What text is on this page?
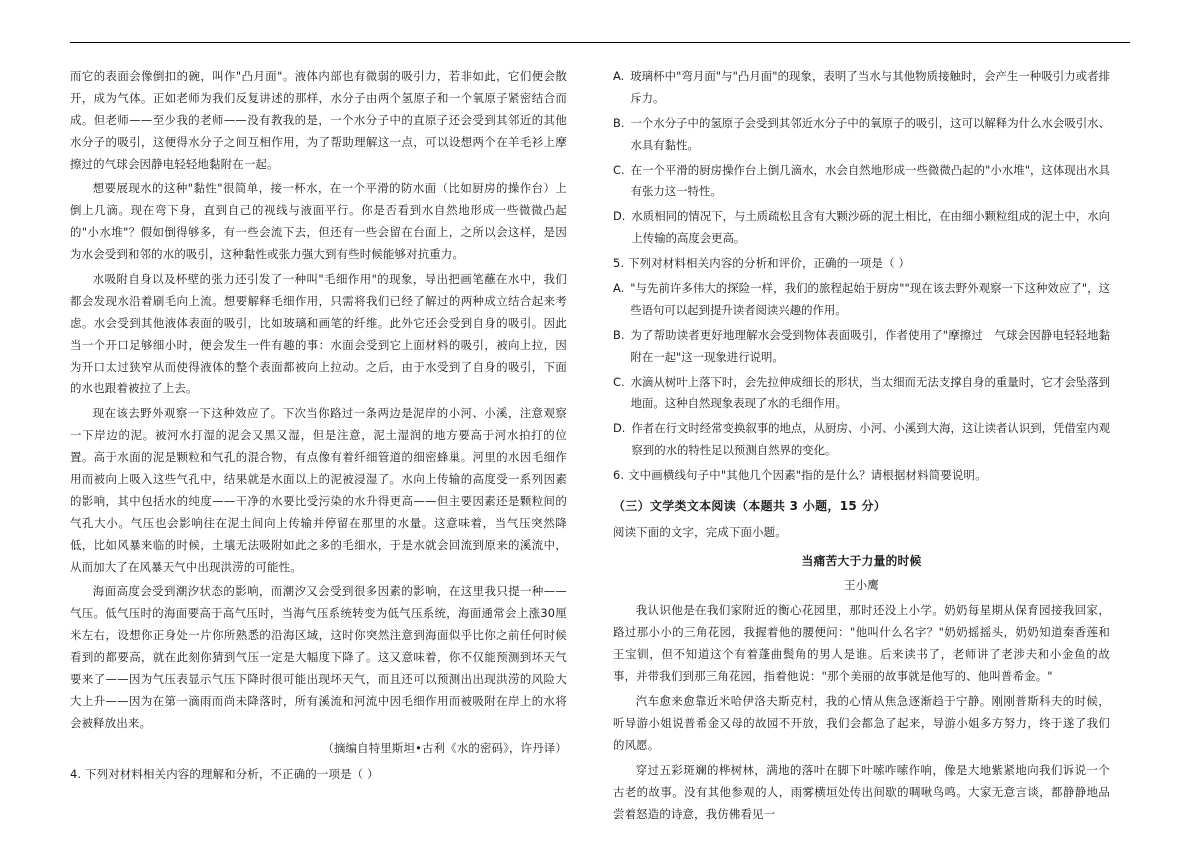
而它的表面会像倒扣的碗，叫作"凸月面"。液体内部也有微弱的吸引力，若非如此，它们便会散开，成为气体。正如老师为我们反复讲述的那样，水分子由两个氢原子和一个氧原子紧密结合而成。但老师——至少我的老师——没有教我的是，一个水分子中的直原子还会受到其邻近的其他水分子的吸引，这便得水分子之间互相作用，为了帮助理解这一点，可以设想两个在羊毛衫上摩擦过的气球会因静电轻轻地黏附在一起。

想要展现水的这种"黏性"很简单，接一杯水，在一个平滑的防水面（比如厨房的操作台）上倒上几滴。现在弯下身，直到自己的视线与液面平行。你是否看到水自然地形成一些微微凸起的"小水堆"？假如倒得够多，有一些会流下去，但还有一些会留在台面上，之所以会这样，是因为水会受到和邻的水的吸引，这种黏性或张力强大到有些时候能够对抗重力。

水吸附自身以及杯壁的张力还引发了一种叫"毛细作用"的现象，导出把画笔蘸在水中，我们都会发现水沿着刷毛向上流。想要解释毛细作用，只需将我们已经了解过的两种成立结合起来考虑。水会受到其他液体表面的吸引，比如玻璃和画笔的纤维。此外它还会受到自身的吸引。因此当一个开口足够细小时，便会发生一件有趣的事：水面会受到它上面材料的吸引，被向上拉，因为开口太过狭窄从而使得液体的整个表面都被向上拉动。之后，由于水受到了自身的吸引，下面的水也跟着被拉了上去。

现在该去野外观察一下这种效应了。下次当你路过一条两边是泥岸的小河、小溪，注意观察一下岸边的泥。被河水打湿的泥会又黑又湿，但是注意，泥土湿润的地方要高于河水拍打的位置。高于水面的泥是颗粒和气孔的混合物，有点像有着纤细管道的细密蜂巢。河里的水因毛细作用而被向上吸入这些气孔中，结果就是水面以上的泥被浸湿了。水向上传输的高度受一系列因素的影响，其中包括水的纯度——干净的水要比受污染的水升得更高——但主要因素还是颗粒间的气孔大小。气压也会影响往在泥土间向上传输并停留在那里的水量。这意味着，当气压突然降低，比如风暴来临的时候，土壤无法吸附如此之多的毛细水，于是水就会回流到原来的溪流中，从而加大了在风暴天气中出现洪涝的可能性。

海面高度会受到潮汐状态的影响，而潮汐又会受到很多因素的影响，在这里我只提一种——气压。低气压时的海面要高于高气压时，当海气压系统转变为低气压系统，海面通常会上涨30厘米左右，设想你正身处一片你所熟悉的沿海区域，这时你突然注意到海面似乎比你之前任何时候看到的都要高，就在此刻你猜到气压一定是大幅度下降了。这又意味着，你不仅能预测到坏天气要来了——因为气压表显示气压下降时很可能出现坏天气，而且还可以预测出出现洪涝的风险大大上升——因为在第一滴雨而尚未降落时，所有溪流和河流中因毛细作用而被吸附在岸上的水将会被释放出来。

（摘编自特里斯坦•古利《水的密码》，许丹译）

4. 下列对材料相关内容的理解和分析，不正确的一项是（ ）

A. 玻璃杯中"弯月面"与"凸月面"的现象，表明了当水与其他物质接触时，会产生一种吸引力或者排斥力。
B. 一个水分子中的氢原子会受到其邻近水分子中的氧原子的吸引，这可以解释为什么水会吸引水、水具有黏性。
C. 在一个平滑的厨房操作台上倒几滴水，水会自然地形成一些微微凸起的"小水堆"，这体现出水具有张力这一特性。
D. 水质相同的情况下，与土质疏松且含有大颗沙砾的泥土相比，在由细小颗粒组成的泥土中，水向上传输的高度会更高。

5. 下列对材料相关内容的分析和评价，正确的一项是（ ）

A. "与先前许多伟大的探险一样，我们的旅程起始于厨房""现在该去野外观察一下这种效应了"，这些语句可以起到提升读者阅读兴趣的作用。
B. 为了帮助读者更好地理解水会受到物体表面吸引，作者使用了"摩擦过　气球会因静电轻轻地黏附在一起"这一现象进行说明。
C. 水滴从树叶上落下时，会先拉伸成细长的形状，当太细而无法支撑自身的重量时，它才会坠落到地面。这种自然现象表现了水的毛细作用。
D. 作者在行文时经常变换叙事的地点，从厨房、小河、小溪到大海，这让读者认识到，凭借室内观察到的水的特性足以预测自然界的变化。

6. 文中画横线句子中"其他几个因素"指的是什么？请根据材料简要说明。

（三）文学类文本阅读（本题共 3 小题，15 分）

阅读下面的文字，完成下面小题。

当痛苦大于力量的时候

王小鹰

我认识他是在我们家附近的衡心花园里，那时还没上小学。奶奶每星期从保育园接我回家，路过那小小的三角花园，我握着他的腰便问："他叫什么名字？"奶奶摇摇头，奶奶知道秦香莲和王宝钏，但不知道这个有着蓬曲鬓角的男人是谁。后来读书了，老师讲了老涉夫和小金鱼的故事，并带我们到那三角花园，指着他说："那个美丽的故事就是他写的、他叫普希金。"

汽车愈来愈靠近米哈伊洛夫斯克村，我的心情从焦急逐渐趋于宁静。刚刚普斯科夫的时候，听导游小姐说普希金又母的故园不开放，我们会都急了起来，导游小姐多方努力，终于遂了我们的风愿。

穿过五彩斑斓的桦树林，满地的落叶在脚下叶嗦咋嗦作响，像是大地紫紧地向我们诉说一个古老的故事。没有其他参观的人，雨雾横垣处传出间歇的啁啾鸟鸣。大家无意言谈，都静静地品尝着怒造的诗意，我仿佛看见一
